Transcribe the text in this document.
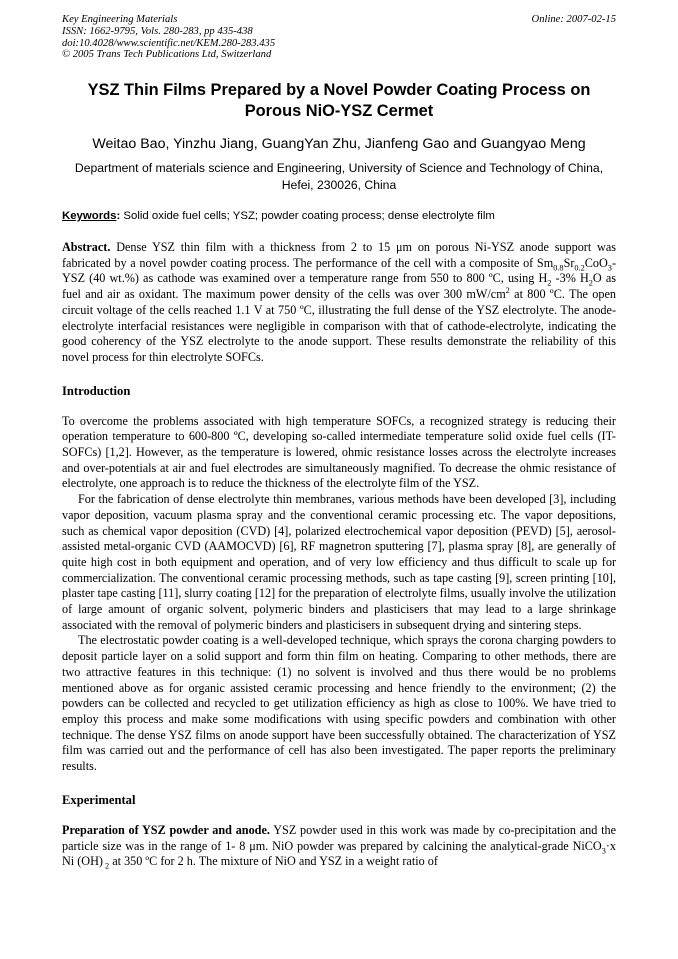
Key Engineering Materials
ISSN: 1662-9795, Vols. 280-283, pp 435-438
doi:10.4028/www.scientific.net/KEM.280-283.435
© 2005 Trans Tech Publications Ltd, Switzerland
Online: 2007-02-15
YSZ Thin Films Prepared by a Novel Powder Coating Process on Porous NiO-YSZ Cermet
Weitao Bao, Yinzhu Jiang, GuangYan Zhu, Jianfeng Gao and Guangyao Meng
Department of materials science and Engineering, University of Science and Technology of China, Hefei, 230026, China
Keywords: Solid oxide fuel cells; YSZ; powder coating process; dense electrolyte film

Abstract. Dense YSZ thin film with a thickness from 2 to 15 μm on porous Ni-YSZ anode support was fabricated by a novel powder coating process. The performance of the cell with a composite of $Sm_{0.8}Sr_{0.2}CoO_3-$ YSZ (40 wt.%) as cathode was examined over a temperature range from 550 to 800 ºC, using $H_2$ -3% $H_2O$ as fuel and air as oxidant. The maximum power density of the cells was over 300 $mW/cm^2$ at 800 ºC. The open circuit voltage of the cells reached 1.1 V at 750 ºC, illustrating the full dense of the YSZ electrolyte. The anode-electrolyte interfacial resistances were negligible in comparison with that of cathode-electrolyte, indicating the good coherency of the YSZ electrolyte to the anode support. These results demonstrate the reliability of this novel process for thin electrolyte SOFCs.

Introduction

To overcome the problems associated with high temperature SOFCs, a recognized strategy is reducing their operation temperature to 600-800 ºC, developing so-called intermediate temperature solid oxide fuel cells (IT-SOFCs) [1,2]. However, as the temperature is lowered, ohmic resistance losses across the electrolyte increases and over-potentials at air and fuel electrodes are simultaneously magnified. To decrease the ohmic resistance of electrolyte, one approach is to reduce the thickness of the electrolyte film of the YSZ.

For the fabrication of dense electrolyte thin membranes, various methods have been developed [3], including vapor deposition, vacuum plasma spray and the conventional ceramic processing etc. The vapor depositions, such as chemical vapor deposition (CVD) [4], polarized electrochemical vapor deposition (PEVD) [5], aerosol-assisted metal-organic CVD (AAMOCVD) [6], RF magnetron sputtering [7], plasma spray [8], are generally of quite high cost in both equipment and operation, and of very low efficiency and thus difficult to scale up for commercialization. The conventional ceramic processing methods, such as tape casting [9], screen printing [10], plaster tape casting [11], slurry coating [12] for the preparation of electrolyte films, usually involve the utilization of large amount of organic solvent, polymeric binders and plasticisers that may lead to a large shrinkage associated with the removal of polymeric binders and plasticisers in subsequent drying and sintering steps.

The electrostatic powder coating is a well-developed technique, which sprays the corona charging powders to deposit particle layer on a solid support and form thin film on heating. Comparing to other methods, there are two attractive features in this technique: (1) no solvent is involved and thus there would be no problems mentioned above as for organic assisted ceramic processing and hence friendly to the environment; (2) the powders can be collected and recycled to get utilization efficiency as high as close to 100%. We have tried to employ this process and make some modifications with using specific powders and combination with other technique. The dense YSZ films on anode support have been successfully obtained. The characterization of YSZ film was carried out and the performance of cell has also been investigated. The paper reports the preliminary results.

Experimental

Preparation of YSZ powder and anode. YSZ powder used in this work was made by co-precipitation and the particle size was in the range of 1- 8 μm. NiO powder was prepared by calcining the analytical-grade NiCO$_3$·x Ni (OH) $_2$ at 350 ºC for 2 h. The mixture of NiO and YSZ in a weight ratio of
